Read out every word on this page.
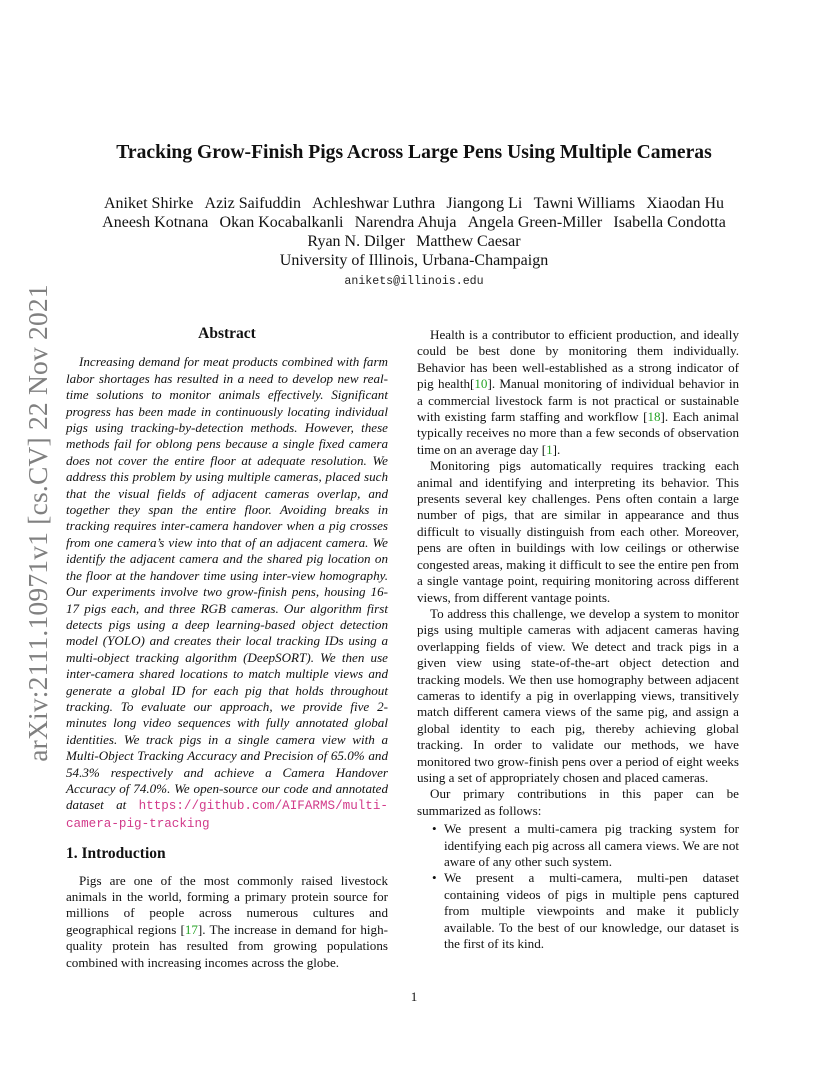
arXiv:2111.10971v1 [cs.CV] 22 Nov 2021
Tracking Grow-Finish Pigs Across Large Pens Using Multiple Cameras
Aniket Shirke Aziz Saifuddin Achleshwar Luthra Jiangong Li Tawni Williams Xiaodan Hu
Aneesh Kotnana Okan Kocabalkanli Narendra Ahuja Angela Green-Miller Isabella Condotta
Ryan N. Dilger Matthew Caesar
University of Illinois, Urbana-Champaign
anikets@illinois.edu
Abstract

Increasing demand for meat products combined with farm labor shortages has resulted in a need to develop new real-time solutions to monitor animals effectively. Significant progress has been made in continuously locating individual pigs using tracking-by-detection methods. However, these methods fail for oblong pens because a single fixed camera does not cover the entire floor at adequate resolution. We address this problem by using multiple cameras, placed such that the visual fields of adjacent cameras overlap, and together they span the entire floor. Avoiding breaks in tracking requires inter-camera handover when a pig crosses from one camera’s view into that of an adjacent camera. We identify the adjacent camera and the shared pig location on the floor at the handover time using inter-view homography. Our experiments involve two grow-finish pens, housing 16-17 pigs each, and three RGB cameras. Our algorithm first detects pigs using a deep learning-based object detection model (YOLO) and creates their local tracking IDs using a multi-object tracking algorithm (DeepSORT). We then use inter-camera shared locations to match multiple views and generate a global ID for each pig that holds throughout tracking. To evaluate our approach, we provide five 2-minutes long video sequences with fully annotated global identities. We track pigs in a single camera view with a Multi-Object Tracking Accuracy and Precision of 65.0% and 54.3% respectively and achieve a Camera Handover Accuracy of 74.0%. We open-source our code and annotated dataset at https://github.com/AIFARMS/multi-camera-pig-tracking

1. Introduction

Pigs are one of the most commonly raised livestock animals in the world, forming a primary protein source for millions of people across numerous cultures and geographical regions [17]. The increase in demand for high-quality protein has resulted from growing populations combined with increasing incomes across the globe.

Health is a contributor to efficient production, and ideally could be best done by monitoring them individually. Behavior has been well-established as a strong indicator of pig health[10]. Manual monitoring of individual behavior in a commercial livestock farm is not practical or sustainable with existing farm staffing and workflow [18]. Each animal typically receives no more than a few seconds of observation time on an average day [1].

Monitoring pigs automatically requires tracking each animal and identifying and interpreting its behavior. This presents several key challenges. Pens often contain a large number of pigs, that are similar in appearance and thus difficult to visually distinguish from each other. Moreover, pens are often in buildings with low ceilings or otherwise congested areas, making it difficult to see the entire pen from a single vantage point, requiring monitoring across different views, from different vantage points.

To address this challenge, we develop a system to monitor pigs using multiple cameras with adjacent cameras having overlapping fields of view. We detect and track pigs in a given view using state-of-the-art object detection and tracking models. We then use homography between adjacent cameras to identify a pig in overlapping views, transitively match different camera views of the same pig, and assign a global identity to each pig, thereby achieving global tracking. In order to validate our methods, we have monitored two grow-finish pens over a period of eight weeks using a set of appropriately chosen and placed cameras.

Our primary contributions in this paper can be summarized as follows:

• We present a multi-camera pig tracking system for identifying each pig across all camera views. We are not aware of any other such system.
• We present a multi-camera, multi-pen dataset containing videos of pigs in multiple pens captured from multiple viewpoints and make it publicly available. To the best of our knowledge, our dataset is the first of its kind.
1
